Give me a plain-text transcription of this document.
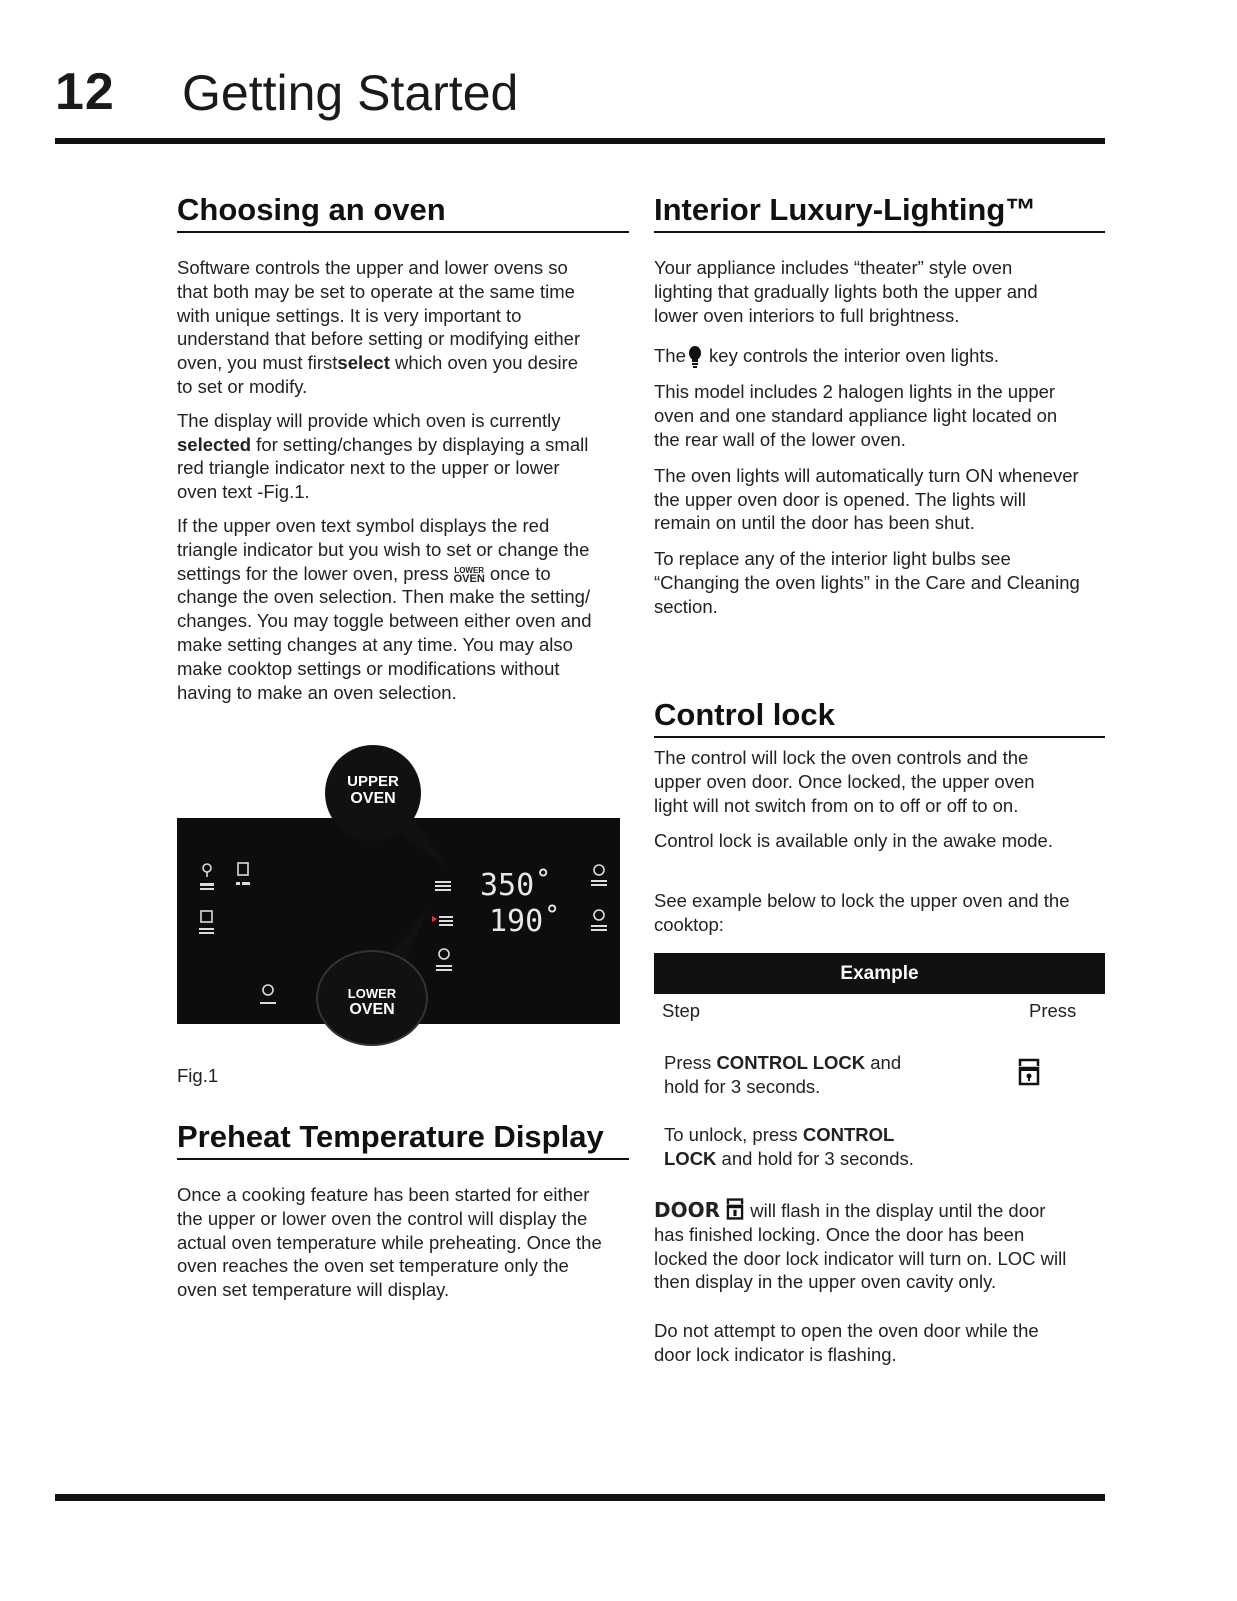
12 Getting Started
Choosing an oven

Software controls the upper and lower ovens so
that both may be set to operate at the same time
with unique settings. It is very important to
understand that before setting or modifying either
oven, you must firstselect which oven you desire
to set or modify.

The display will provide which oven is currently
selected for setting/changes by displaying a small
red triangle indicator next to the upper or lower
oven text -Fig.1.

If the upper oven text symbol displays the red
triangle indicator but you wish to set or change the
settings for the lower oven, press LOWER
OVEN once to
change the oven selection. Then make the setting/
changes. You may toggle between either oven and
make setting changes at any time. You may also
make cooktop settings or modifications without
having to make an oven selection.

350˚
190˚
UPPER
OVEN
LOWER
OVEN
Fig.1
Preheat Temperature Display

Once a cooking feature has been started for either
the upper or lower oven the control will display the
actual oven temperature while preheating. Once the
oven reaches the oven set temperature only the
oven set temperature will display.

Interior Luxury-Lighting™

Your appliance includes “theater” style oven
lighting that gradually lights both the upper and
lower oven interiors to full brightness.

The key controls the interior oven lights.

This model includes 2 halogen lights in the upper
oven and one standard appliance light located on
the rear wall of the lower oven.

The oven lights will automatically turn ON whenever
the upper oven door is opened. The lights will
remain on until the door has been shut.

To replace any of the interior light bulbs see
“Changing the oven lights” in the Care and Cleaning
section.

Control lock

The control will lock the oven controls and the
upper oven door. Once locked, the upper oven
light will not switch from on to off or off to on.

Control lock is available only in the awake mode.

See example below to lock the upper oven and the
cooktop:

Example
Step	Press

Press CONTROL LOCK and
hold for 3 seconds.

To unlock, press CONTROL
LOCK and hold for 3 seconds.

DOOR  will flash in the display until the door
has finished locking. Once the door has been
locked the door lock indicator will turn on. LOC will
then display in the upper oven cavity only.

Do not attempt to open the oven door while the
door lock indicator is flashing.
